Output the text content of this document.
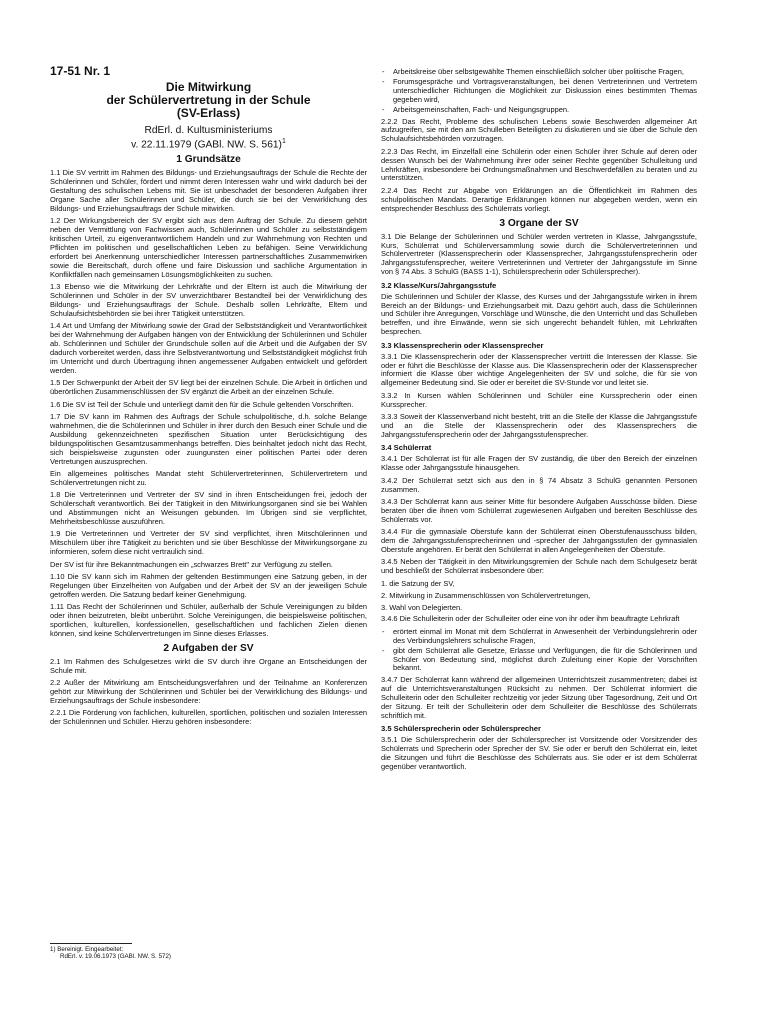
17-51 Nr. 1
Die Mitwirkung
der Schülervertretung in der Schule
(SV-Erlass)
RdErl. d. Kultusministeriums
v. 22.11.1979 (GABl. NW. S. 561)$^1$
1 Grundsätze

1.1 Die SV vertritt im Rahmen des Bildungs- und Erziehungsauftrags der Schule die Rechte der Schülerinnen und Schüler, fördert und nimmt deren Interessen wahr und wirkt dadurch bei der Gestaltung des schulischen Lebens mit. Sie ist unbeschadet der besonderen Aufgaben ihrer Organe Sache aller Schülerinnen und Schüler, die durch sie bei der Verwirklichung des Bildungs- und Erziehungsauftrags der Schule mitwirken.

1.2 Der Wirkungsbereich der SV ergibt sich aus dem Auftrag der Schule. Zu diesem gehört neben der Vermittlung von Fachwissen auch, Schülerinnen und Schüler zu selbstständigem kritischen Urteil, zu eigenverantwortlichem Handeln und zur Wahrnehmung von Rechten und Pflichten im politischen und gesellschaftlichen Leben zu befähigen. Seine Verwirklichung erfordert bei Anerkennung unterschiedlicher Interessen partnerschaftliches Zusammenwirken sowie die Bereitschaft, durch offene und faire Diskussion und sachliche Argumentation in Konfliktfällen nach gemeinsamen Lösungsmöglichkeiten zu suchen.

1.3 Ebenso wie die Mitwirkung der Lehrkräfte und der Eltern ist auch die Mitwirkung der Schülerinnen und Schüler in der SV unverzichtbarer Bestandteil bei der Verwirklichung des Bildungs- und Erziehungsauftrags der Schule. Deshalb sollen Lehrkräfte, Eltern und Schulaufsichtsbehörden sie bei ihrer Tätigkeit unterstützen.

1.4 Art und Umfang der Mitwirkung sowie der Grad der Selbstständigkeit und Verantwortlichkeit bei der Wahrnehmung der Aufgaben hängen von der Entwicklung der Schülerinnen und Schüler ab. Schülerinnen und Schüler der Grundschule sollen auf die Arbeit und die Aufgaben der SV dadurch vorbereitet werden, dass ihre Selbstverantwortung und Selbstständigkeit möglichst früh im Unterricht und durch Übertragung ihnen angemessener Aufgaben entwickelt und gefördert werden.

1.5 Der Schwerpunkt der Arbeit der SV liegt bei der einzelnen Schule. Die Arbeit in örtlichen und überörtlichen Zusammenschlüssen der SV ergänzt die Arbeit an der einzelnen Schule.

1.6 Die SV ist Teil der Schule und unterliegt damit den für die Schule geltenden Vorschriften.

1.7 Die SV kann im Rahmen des Auftrags der Schule schulpolitische, d.h. solche Belange wahrnehmen, die die Schülerinnen und Schüler in ihrer durch den Besuch einer Schule und die Ausbildung gekennzeichneten spezifischen Situation unter Berücksichtigung des bildungspolitischen Gesamtzusammenhangs betreffen. Dies beinhaltet jedoch nicht das Recht, sich beispielsweise zugunsten oder zuungunsten einer politischen Partei oder deren Vertretungen auszusprechen.

Ein allgemeines politisches Mandat steht Schülervertreterinnen, Schülervertretern und Schülervertretungen nicht zu.

1.8 Die Vertreterinnen und Vertreter der SV sind in ihren Entscheidungen frei, jedoch der Schülerschaft verantwortlich. Bei der Tätigkeit in den Mitwirkungsorganen sind sie bei Wahlen und Abstimmungen nicht an Weisungen gebunden. Im Übrigen sind sie verpflichtet, Mehrheitsbeschlüsse auszuführen.

1.9 Die Vertreterinnen und Vertreter der SV sind verpflichtet, ihren Mitschülerinnen und Mitschülern über ihre Tätigkeit zu berichten und sie über Beschlüsse der Mitwirkungsorgane zu informieren, sofern diese nicht vertraulich sind.

Der SV ist für ihre Bekanntmachungen ein „schwarzes Brett" zur Verfügung zu stellen.

1.10 Die SV kann sich im Rahmen der geltenden Bestimmungen eine Satzung geben, in der Regelungen über Einzelheiten von Aufgaben und der Arbeit der SV an der jeweiligen Schule getroffen werden. Die Satzung bedarf keiner Genehmigung.

1.11 Das Recht der Schülerinnen und Schüler, außerhalb der Schule Vereinigungen zu bilden oder ihnen beizutreten, bleibt unberührt. Solche Vereinigungen, die beispielsweise politischen, sportlichen, kulturellen, konfessionellen, gesellschaftlichen und fachlichen Zielen dienen können, sind keine Schülervertretungen im Sinne dieses Erlasses.

2 Aufgaben der SV

2.1 Im Rahmen des Schulgesetzes wirkt die SV durch ihre Organe an Entscheidungen der Schule mit.

2.2 Außer der Mitwirkung am Entscheidungsverfahren und der Teilnahme an Konferenzen gehört zur Mitwirkung der Schülerinnen und Schüler bei der Verwirklichung des Bildungs- und Erziehungsauftrags der Schule insbesondere:

2.2.1 Die Förderung von fachlichen, kulturellen, sportlichen, politischen und sozialen Interessen der Schülerinnen und Schüler. Hierzu gehören insbesondere:

- Arbeitskreise über selbstgewählte Themen einschließlich solcher über politische Fragen,
- Forumsgespräche und Vortragsveranstaltungen, bei denen Vertreterinnen und Vertretern unterschiedlicher Richtungen die Möglichkeit zur Diskussion eines bestimmten Themas gegeben wird,
- Arbeitsgemeinschaften, Fach- und Neigungsgruppen.

2.2.2 Das Recht, Probleme des schulischen Lebens sowie Beschwerden allgemeiner Art aufzugreifen, sie mit den am Schulleben Beteiligten zu diskutieren und sie über die Schule den Schulaufsichtsbehörden vorzutragen.

2.2.3 Das Recht, im Einzelfall eine Schülerin oder einen Schüler ihrer Schule auf deren oder dessen Wunsch bei der Wahrnehmung ihrer oder seiner Rechte gegenüber Schulleitung und Lehrkräften, insbesondere bei Ordnungsmaßnahmen und Beschwerdefällen zu beraten und zu unterstützen.

2.2.4 Das Recht zur Abgabe von Erklärungen an die Öffentlichkeit im Rahmen des schulpolitischen Mandats. Derartige Erklärungen können nur abgegeben werden, wenn ein entsprechender Beschluss des Schülerrats vorliegt.

3 Organe der SV

3.1 Die Belange der Schülerinnen und Schüler werden vertreten in Klasse, Jahrgangsstufe, Kurs, Schülerrat und Schülerversammlung sowie durch die Schülervertreterinnen und Schülervertreter (Klassensprecherin oder Klassensprecher, Jahrgangsstufensprecherin oder Jahrgangsstufensprecher, weitere Vertreterinnen und Vertreter der Jahrgangsstufe im Sinne von § 74 Abs. 3 SchulG (BASS 1-1), Schülersprecherin oder Schülersprecher).

3.2 Klasse/Kurs/Jahrgangsstufe

Die Schülerinnen und Schüler der Klasse, des Kurses und der Jahrgangsstufe wirken in ihrem Bereich an der Bildungs- und Erziehungsarbeit mit. Dazu gehört auch, dass die Schülerinnen und Schüler ihre Anregungen, Vorschläge und Wünsche, die den Unterricht und das Schulleben betreffen, und ihre Einwände, wenn sie sich ungerecht behandelt fühlen, mit Lehrkräften besprechen.

3.3 Klassensprecherin oder Klassensprecher

3.3.1 Die Klassensprecherin oder der Klassensprecher vertritt die Interessen der Klasse. Sie oder er führt die Beschlüsse der Klasse aus. Die Klassensprecherin oder der Klassensprecher informiert die Klasse über wichtige Angelegenheiten der SV und solche, die für sie von allgemeiner Bedeutung sind. Sie oder er bereitet die SV-Stunde vor und leitet sie.

3.3.2 In Kursen wählen Schülerinnen und Schüler eine Kurssprecherin oder einen Kurssprecher.

3.3.3 Soweit der Klassenverband nicht besteht, tritt an die Stelle der Klasse die Jahrgangsstufe und an die Stelle der Klassensprecherin oder des Klassensprechers die Jahrgangsstufensprecherin oder der Jahrgangsstufensprecher.

3.4 Schülerrat

3.4.1 Der Schülerrat ist für alle Fragen der SV zuständig, die über den Bereich der einzelnen Klasse oder Jahrgangsstufe hinausgehen.

3.4.2 Der Schülerrat setzt sich aus den in § 74 Absatz 3 SchulG genannten Personen zusammen.

3.4.3 Der Schülerrat kann aus seiner Mitte für besondere Aufgaben Ausschüsse bilden. Diese beraten über die ihnen vom Schülerrat zugewiesenen Aufgaben und bereiten Beschlüsse des Schülerrats vor.

3.4.4 Für die gymnasiale Oberstufe kann der Schülerrat einen Oberstufenausschuss bilden, dem die Jahrgangsstufensprecherinnen und -sprecher der Jahrgangsstufen der gymnasialen Oberstufe angehören. Er berät den Schülerrat in allen Angelegenheiten der Oberstufe.

3.4.5 Neben der Tätigkeit in den Mitwirkungsgremien der Schule nach dem Schulgesetz berät und beschließt der Schülerrat insbesondere über:

1. die Satzung der SV,
2. Mitwirkung in Zusammenschlüssen von Schülervertretungen,
3. Wahl von Delegierten.

3.4.6 Die Schulleiterin oder der Schulleiter oder eine von ihr oder ihm beauftragte Lehrkraft

- erörtert einmal im Monat mit dem Schülerrat in Anwesenheit der Verbindungslehrerin oder des Verbindungslehrers schulische Fragen,
- gibt dem Schülerrat alle Gesetze, Erlasse und Verfügungen, die für die Schülerinnen und Schüler von Bedeutung sind, möglichst durch Zuleitung einer Kopie der Vorschriften bekannt.

3.4.7 Der Schülerrat kann während der allgemeinen Unterrichtszeit zusammentreten; dabei ist auf die Unterrichtsveranstaltungen Rücksicht zu nehmen. Der Schülerrat informiert die Schulleiterin oder den Schulleiter rechtzeitig vor jeder Sitzung über Tagesordnung, Zeit und Ort der Sitzung. Er teilt der Schulleiterin oder dem Schulleiter die Beschlüsse des Schülerrats schriftlich mit.

3.5 Schülersprecherin oder Schülersprecher

3.5.1 Die Schülersprecherin oder der Schülersprecher ist Vorsitzende oder Vorsitzender des Schülerrats und Sprecherin oder Sprecher der SV. Sie oder er beruft den Schülerrat ein, leitet die Sitzungen und führt die Beschlüsse des Schülerrats aus. Sie oder er ist dem Schülerrat gegenüber verantwortlich.

1) Bereinigt. Eingearbeitet:
RdErl. v. 19.06.1973 (GABl. NW. S. 572)
